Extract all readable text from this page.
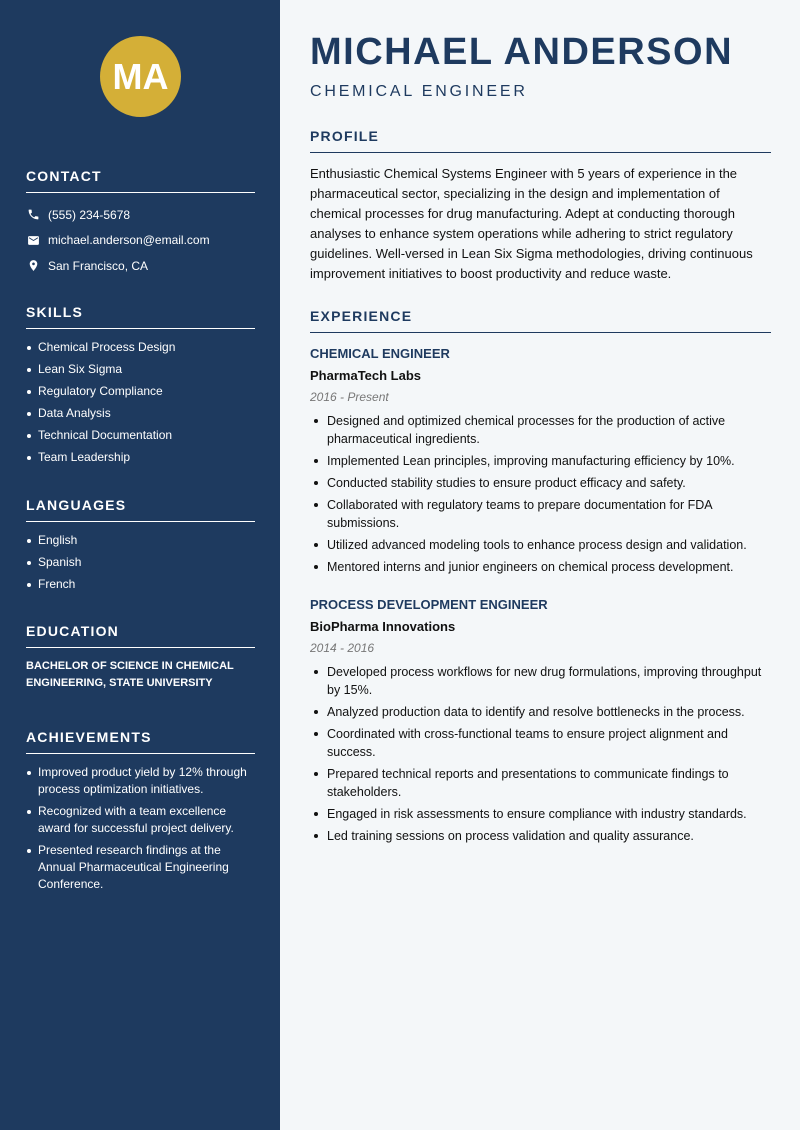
MA
CONTACT
(555) 234-5678
michael.anderson@email.com
San Francisco, CA
SKILLS
Chemical Process Design
Lean Six Sigma
Regulatory Compliance
Data Analysis
Technical Documentation
Team Leadership
LANGUAGES
English
Spanish
French
EDUCATION
BACHELOR OF SCIENCE IN CHEMICAL ENGINEERING, STATE UNIVERSITY
ACHIEVEMENTS
Improved product yield by 12% through process optimization initiatives.
Recognized with a team excellence award for successful project delivery.
Presented research findings at the Annual Pharmaceutical Engineering Conference.
MICHAEL ANDERSON
CHEMICAL ENGINEER
PROFILE
Enthusiastic Chemical Systems Engineer with 5 years of experience in the pharmaceutical sector, specializing in the design and implementation of chemical processes for drug manufacturing. Adept at conducting thorough analyses to enhance system operations while adhering to strict regulatory guidelines. Well-versed in Lean Six Sigma methodologies, driving continuous improvement initiatives to boost productivity and reduce waste.
EXPERIENCE
CHEMICAL ENGINEER
PharmaTech Labs
2016 - Present
Designed and optimized chemical processes for the production of active pharmaceutical ingredients.
Implemented Lean principles, improving manufacturing efficiency by 10%.
Conducted stability studies to ensure product efficacy and safety.
Collaborated with regulatory teams to prepare documentation for FDA submissions.
Utilized advanced modeling tools to enhance process design and validation.
Mentored interns and junior engineers on chemical process development.
PROCESS DEVELOPMENT ENGINEER
BioPharma Innovations
2014 - 2016
Developed process workflows for new drug formulations, improving throughput by 15%.
Analyzed production data to identify and resolve bottlenecks in the process.
Coordinated with cross-functional teams to ensure project alignment and success.
Prepared technical reports and presentations to communicate findings to stakeholders.
Engaged in risk assessments to ensure compliance with industry standards.
Led training sessions on process validation and quality assurance.
